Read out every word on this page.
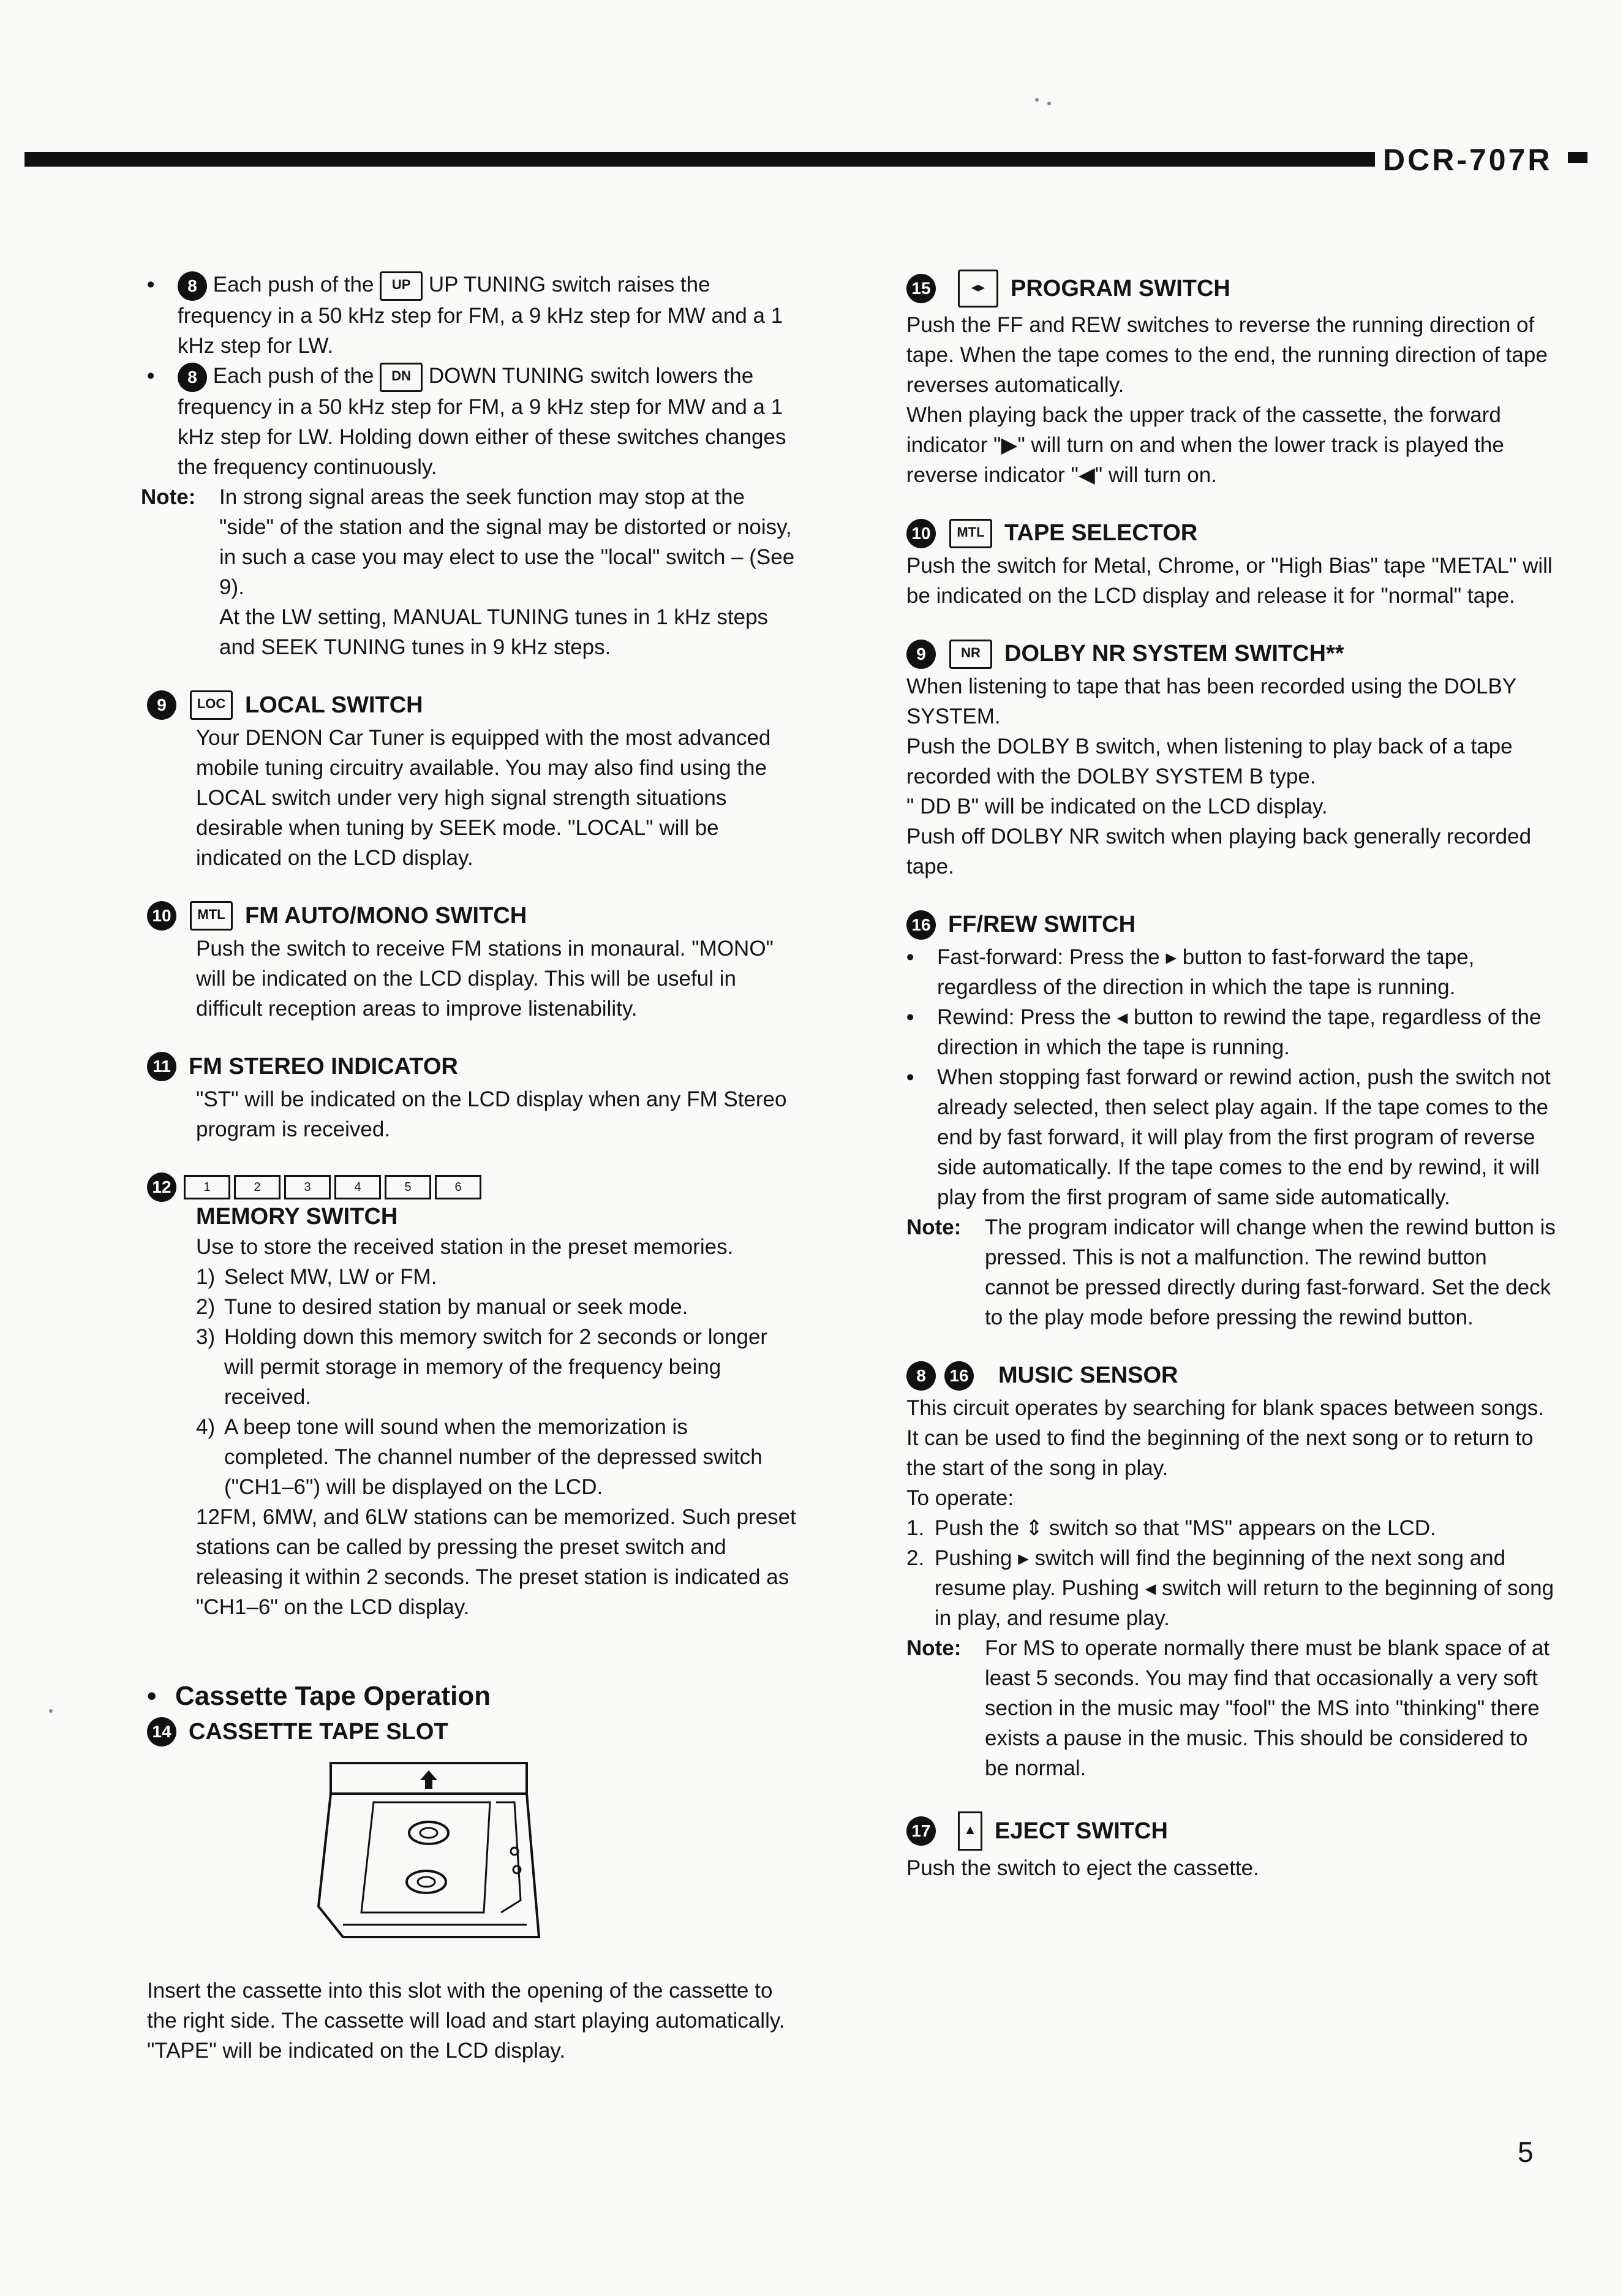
DCR-707R
•	8 Each push of the UP UP TUNING switch raises the frequency in a 50 kHz step for FM, a 9 kHz step for MW and a 1 kHz step for LW.
•	8 Each push of the DN DOWN TUNING switch lowers the frequency in a 50 kHz step for FM, a 9 kHz step for MW and a 1 kHz step for LW. Holding down either of these switches changes the frequency continuously.
Note:	In strong signal areas the seek function may stop at the "side" of the station and the signal may be distorted or noisy, in such a case you may elect to use the "local" switch – (See 9).

At the LW setting, MANUAL TUNING tunes in 1 kHz steps and SEEK TUNING tunes in 9 kHz steps.

9	LOC LOCAL SWITCH

Your DENON Car Tuner is equipped with the most advanced mobile tuning circuitry available. You may also find using the LOCAL switch under very high signal strength situations desirable when tuning by SEEK mode. "LOCAL" will be indicated on the LCD display.

10	MTL FM AUTO/MONO SWITCH

Push the switch to receive FM stations in monaural. "MONO" will be indicated on the LCD display. This will be useful in difficult reception areas to improve listenability.

11 FM STEREO INDICATOR

"ST" will be indicated on the LCD display when any FM Stereo program is received.

12	1	2	3	4	5	6

MEMORY SWITCH

Use to store the received station in the preset memories.

1) Select MW, LW or FM.
2) Tune to desired station by manual or seek mode.
3) Holding down this memory switch for 2 seconds or longer will permit storage in memory of the frequency being received.
4) A beep tone will sound when the memorization is completed. The channel number of the depressed switch ("CH1–6") will be displayed on the LCD.

12FM, 6MW, and 6LW stations can be memorized. Such preset stations can be called by pressing the preset switch and releasing it within 2 seconds. The preset station is indicated as "CH1–6" on the LCD display.

• Cassette Tape Operation
14 CASSETTE TAPE SLOT

Insert the cassette into this slot with the opening of the cassette to the right side. The cassette will load and start playing automatically.

"TAPE" will be indicated on the LCD display.

15	◂▸	PROGRAM SWITCH

Push the FF and REW switches to reverse the running direction of tape. When the tape comes to the end, the running direction of tape reverses automatically.

When playing back the upper track of the cassette, the forward indicator "▶" will turn on and when the lower track is played the reverse indicator "◀" will turn on.

10	MTL TAPE SELECTOR

Push the switch for Metal, Chrome, or "High Bias" tape "METAL" will be indicated on the LCD display and release it for "normal" tape.

9	NR	DOLBY NR SYSTEM SWITCH**

When listening to tape that has been recorded using the DOLBY SYSTEM.

Push the DOLBY B switch, when listening to play back of a tape recorded with the DOLBY SYSTEM B type.

" DD B" will be indicated on the LCD display.

Push off DOLBY NR switch when playing back generally recorded tape.

16 FF/REW SWITCH
•	Fast-forward: Press the ▸ button to fast-forward the tape, regardless of the direction in which the tape is running.
•	Rewind: Press the ◂ button to rewind the tape, regardless of the direction in which the tape is running.
•	When stopping fast forward or rewind action, push the switch not already selected, then select play again. If the tape comes to the end by fast forward, it will play from the first program of reverse side automatically. If the tape comes to the end by rewind, it will play from the first program of same side automatically.
Note:	The program indicator will change when the rewind button is pressed. This is not a malfunction. The rewind button cannot be pressed directly during fast-forward. Set the deck to the play mode before pressing the rewind button.
8	16 MUSIC SENSOR

This circuit operates by searching for blank spaces between songs. It can be used to find the beginning of the next song or to return to the start of the song in play.

To operate:

1. Push the ⇕ switch so that "MS" appears on the LCD.
2. Pushing ▸ switch will find the beginning of the next song and resume play. Pushing ◂ switch will return to the beginning of song in play, and resume play.
Note:	For MS to operate normally there must be blank space of at least 5 seconds. You may find that occasionally a very soft section in the music may "fool" the MS into "thinking" there exists a pause in the music. This should be considered to be normal.
17	▲ EJECT SWITCH

Push the switch to eject the cassette.

5
